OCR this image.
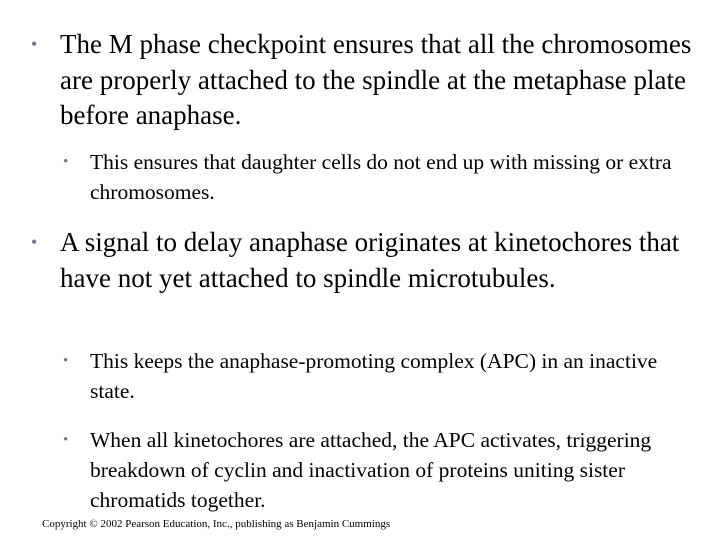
• The M phase checkpoint ensures that all the chromosomes are properly attached to the spindle at the metaphase plate before anaphase.
• This ensures that daughter cells do not end up with missing or extra chromosomes.
• A signal to delay anaphase originates at kinetochores that have not yet attached to spindle microtubules.
• This keeps the anaphase-promoting complex (APC) in an inactive state.
• When all kinetochores are attached, the APC activates, triggering breakdown of cyclin and inactivation of proteins uniting sister chromatids together.
Copyright © 2002 Pearson Education, Inc., publishing as Benjamin Cummings
